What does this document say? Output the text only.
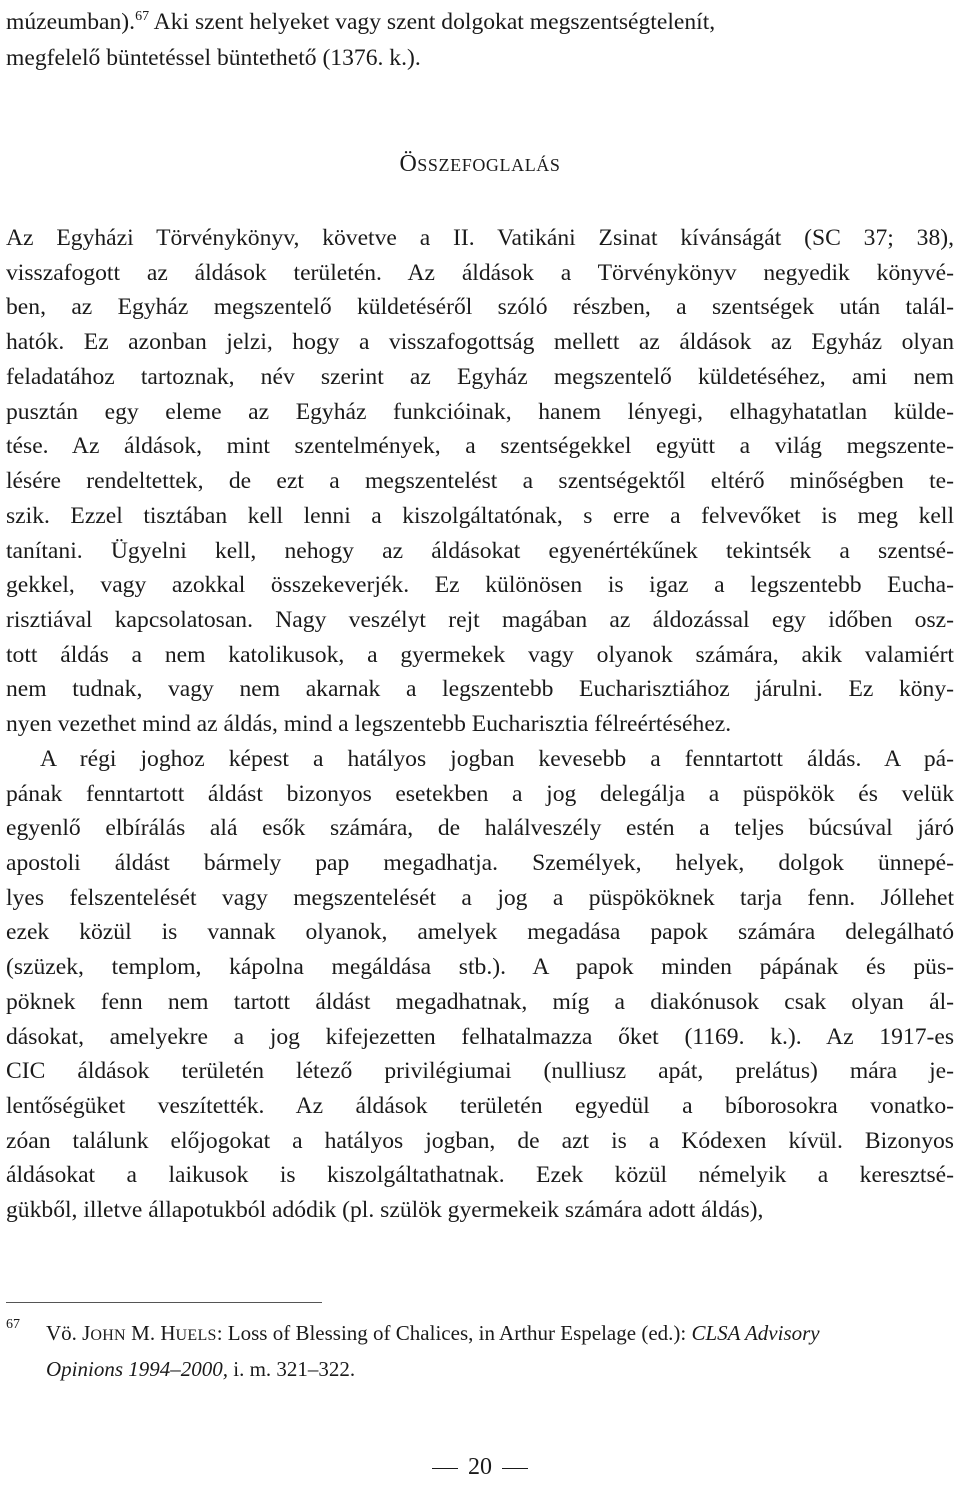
múzeumban).$^{67}$ Aki szent helyeket vagy szent dolgokat megszentségtelenít,
megfelelő büntetéssel büntethető (1376. k.).
ÖSSZEFOGLALÁS
Az Egyházi Törvénykönyv, követve a II. Vatikáni Zsinat kívánságát (SC 37; 38),
visszafogott az áldások területén. Az áldások a Törvénykönyv negyedik könyvé-
ben, az Egyház megszentelő küldetéséről szóló részben, a szentségek után talál-
hatók. Ez azonban jelzi, hogy a visszafogottság mellett az áldások az Egyház olyan
feladatához tartoznak, név szerint az Egyház megszentelő küldetéséhez, ami nem
pusztán egy eleme az Egyház funkcióinak, hanem lényegi, elhagyhatatlan külde-
tése. Az áldások, mint szentelmények, a szentségekkel együtt a világ megszente-
lésére rendeltettek, de ezt a megszentelést a szentségektől eltérő minőségben te-
szik. Ezzel tisztában kell lenni a kiszolgáltatónak, s erre a felvevőket is meg kell
tanítani. Ügyelni kell, nehogy az áldásokat egyenértékűnek tekintsék a szentsé-
gekkel, vagy azokkal összekeverjék. Ez különösen is igaz a legszentebb Eucha-
risztiával kapcsolatosan. Nagy veszélyt rejt magában az áldozással egy időben osz-
tott áldás a nem katolikusok, a gyermekek vagy olyanok számára, akik valamiért
nem tudnak, vagy nem akarnak a legszentebb Eucharisztiához járulni. Ez köny-
nyen vezethet mind az áldás, mind a legszentebb Eucharisztia félreértéséhez.
A régi joghoz képest a hatályos jogban kevesebb a fenntartott áldás. A pá-
pának fenntartott áldást bizonyos esetekben a jog delegálja a püspökök és velük
egyenlő elbírálás alá esők számára, de halálveszély estén a teljes búcsúval járó
apostoli áldást bármely pap megadhatja. Személyek, helyek, dolgok ünnepé-
lyes felszentelését vagy megszentelését a jog a püspököknek tarja fenn. Jóllehet
ezek közül is vannak olyanok, amelyek megadása papok számára delegálható
(szüzek, templom, kápolna megáldása stb.). A papok minden pápának és püs-
pöknek fenn nem tartott áldást megadhatnak, míg a diakónusok csak olyan ál-
dásokat, amelyekre a jog kifejezetten felhatalmazza őket (1169. k.). Az 1917-es
CIC áldások területén létező privilégiumai (nulliusz apát, prelátus) mára je-
lentőségüket veszítették. Az áldások területén egyedül a bíborosokra vonatko-
zóan találunk előjogokat a hatályos jogban, de azt is a Kódexen kívül. Bizonyos
áldásokat a laikusok is kiszolgáltathatnak. Ezek közül némelyik a keresztsé-
gükből, illetve állapotukból adódik (pl. szülök gyermekeik számára adott áldás),
67 Vö. JOHN M. HUELS: Loss of Blessing of Chalices, in Arthur Espelage (ed.): CLSA Advisory
Opinions 1994–2000, i. m. 321–322.
20
